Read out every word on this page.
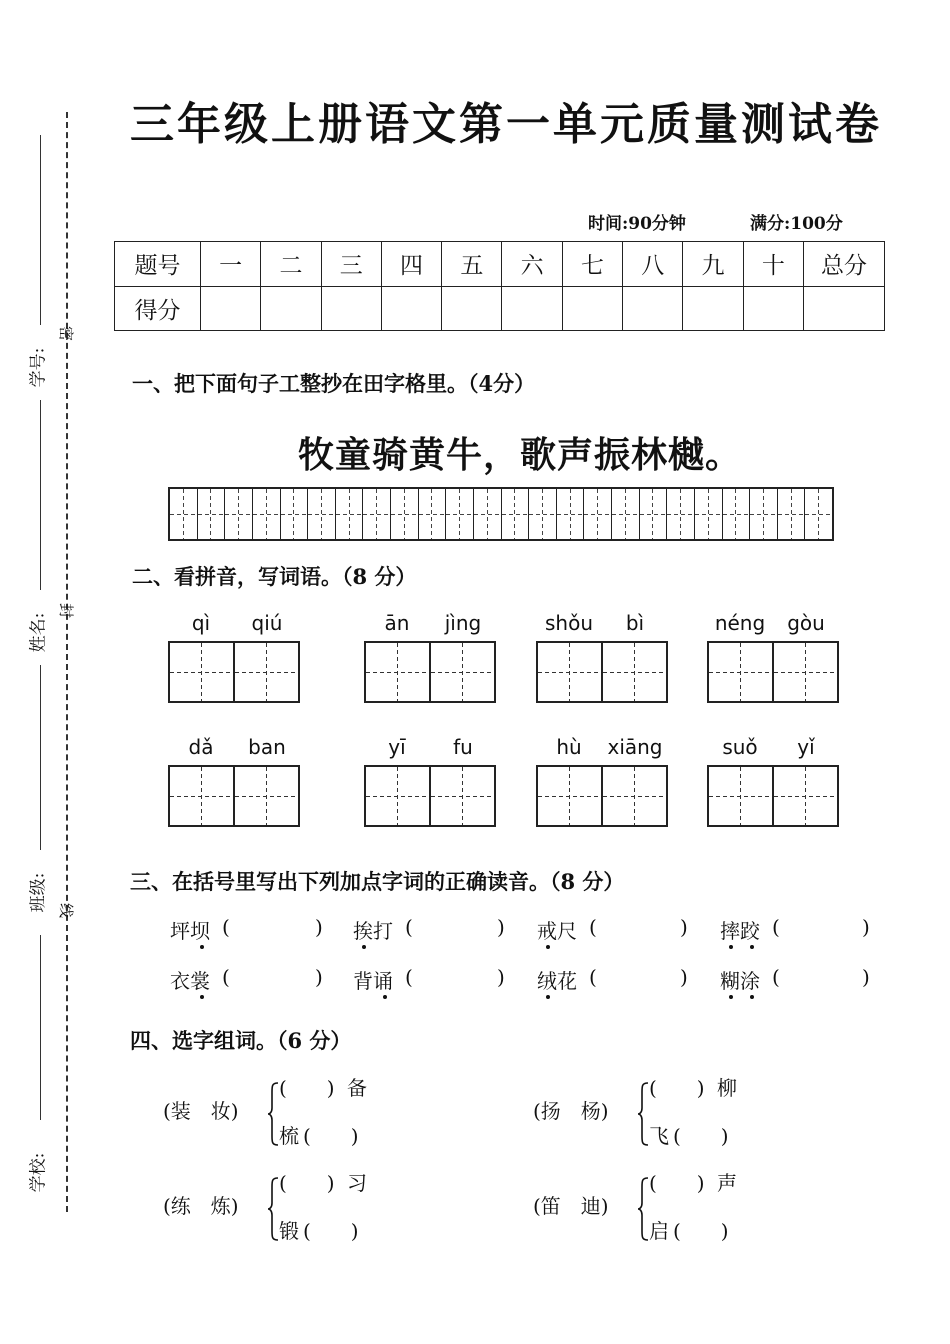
学号:
姓名:
班级:
学校:
密
封
线
三年级上册语文第一单元质量测试卷
时间:90分钟	满分:100分
题号	一	二	三	四	五	六	七	八	九	十	总分
得分											
一、把下面句子工整抄在田字格里。（4分）
牧童骑黄牛，歌声振林樾。
二、看拼音，写词语。（8 分）
qì	qiú	ān	jìng	shǒu	bì	néng	gòu
dǎ	ban	yī	fu	hù	xiāng	suǒ	yǐ
三、在括号里写出下列加点字词的正确读音。（8 分）
坪坝 (	) 挨打 (	) 戒尺 (	) 摔跤 (	)
衣裳 (	) 背诵 (	) 绒花 (	) 糊涂 (	)
四、选字组词。（6 分）
(装　妆)
(　　) 备
梳 (　　)
(扬　杨)
(　　) 柳
飞 (　　)
(练　炼)
(　　) 习
锻 (　　)
(笛　迪)
(　　) 声
启 (　　)
